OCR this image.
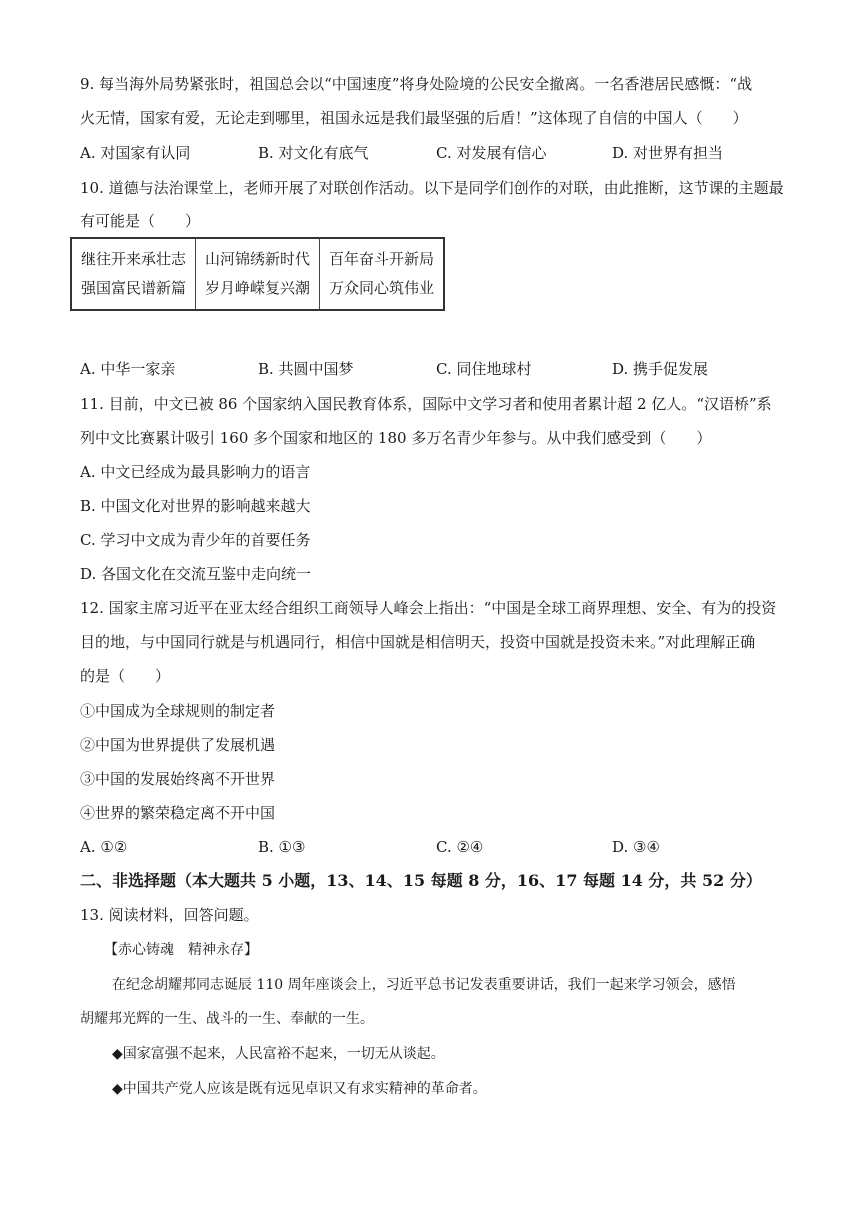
9. 每当海外局势紧张时，祖国总会以“中国速度”将身处险境的公民安全撤离。一名香港居民感慨：“战
火无情，国家有爱，无论走到哪里，祖国永远是我们最坚强的后盾！”这体现了自信的中国人（　　）
A. 对国家有认同	B. 对文化有底气	C. 对发展有信心	D. 对世界有担当
10. 道德与法治课堂上，老师开展了对联创作活动。以下是同学们创作的对联，由此推断，这节课的主题最
有可能是（　　）
继往开来承壮志
强国富民谱新篇

山河锦绣新时代
岁月峥嵘复兴潮

百年奋斗开新局
万众同心筑伟业
A. 中华一家亲	B. 共圆中国梦	C. 同住地球村	D. 携手促发展
11. 目前，中文已被 86 个国家纳入国民教育体系，国际中文学习者和使用者累计超 2 亿人。“汉语桥”系
列中文比赛累计吸引 160 多个国家和地区的 180 多万名青少年参与。从中我们感受到（　　）
A. 中文已经成为最具影响力的语言
B. 中国文化对世界的影响越来越大
C. 学习中文成为青少年的首要任务
D. 各国文化在交流互鉴中走向统一
12. 国家主席习近平在亚太经合组织工商领导人峰会上指出：“中国是全球工商界理想、安全、有为的投资
目的地，与中国同行就是与机遇同行，相信中国就是相信明天，投资中国就是投资未来。”对此理解正确
的是（　　）
①中国成为全球规则的制定者
②中国为世界提供了发展机遇
③中国的发展始终离不开世界
④世界的繁荣稳定离不开中国
A. ①②	B. ①③	C. ②④	D. ③④
二、非选择题（本大题共 5 小题，13、14、15 每题 8 分，16、17 每题 14 分，共 52 分）
13. 阅读材料，回答问题。
【赤心铸魂　精神永存】
在纪念胡耀邦同志诞辰 110 周年座谈会上，习近平总书记发表重要讲话，我们一起来学习领会，感悟
胡耀邦光辉的一生、战斗的一生、奉献的一生。
◆国家富强不起来，人民富裕不起来，一切无从谈起。
◆中国共产党人应该是既有远见卓识又有求实精神的革命者。
